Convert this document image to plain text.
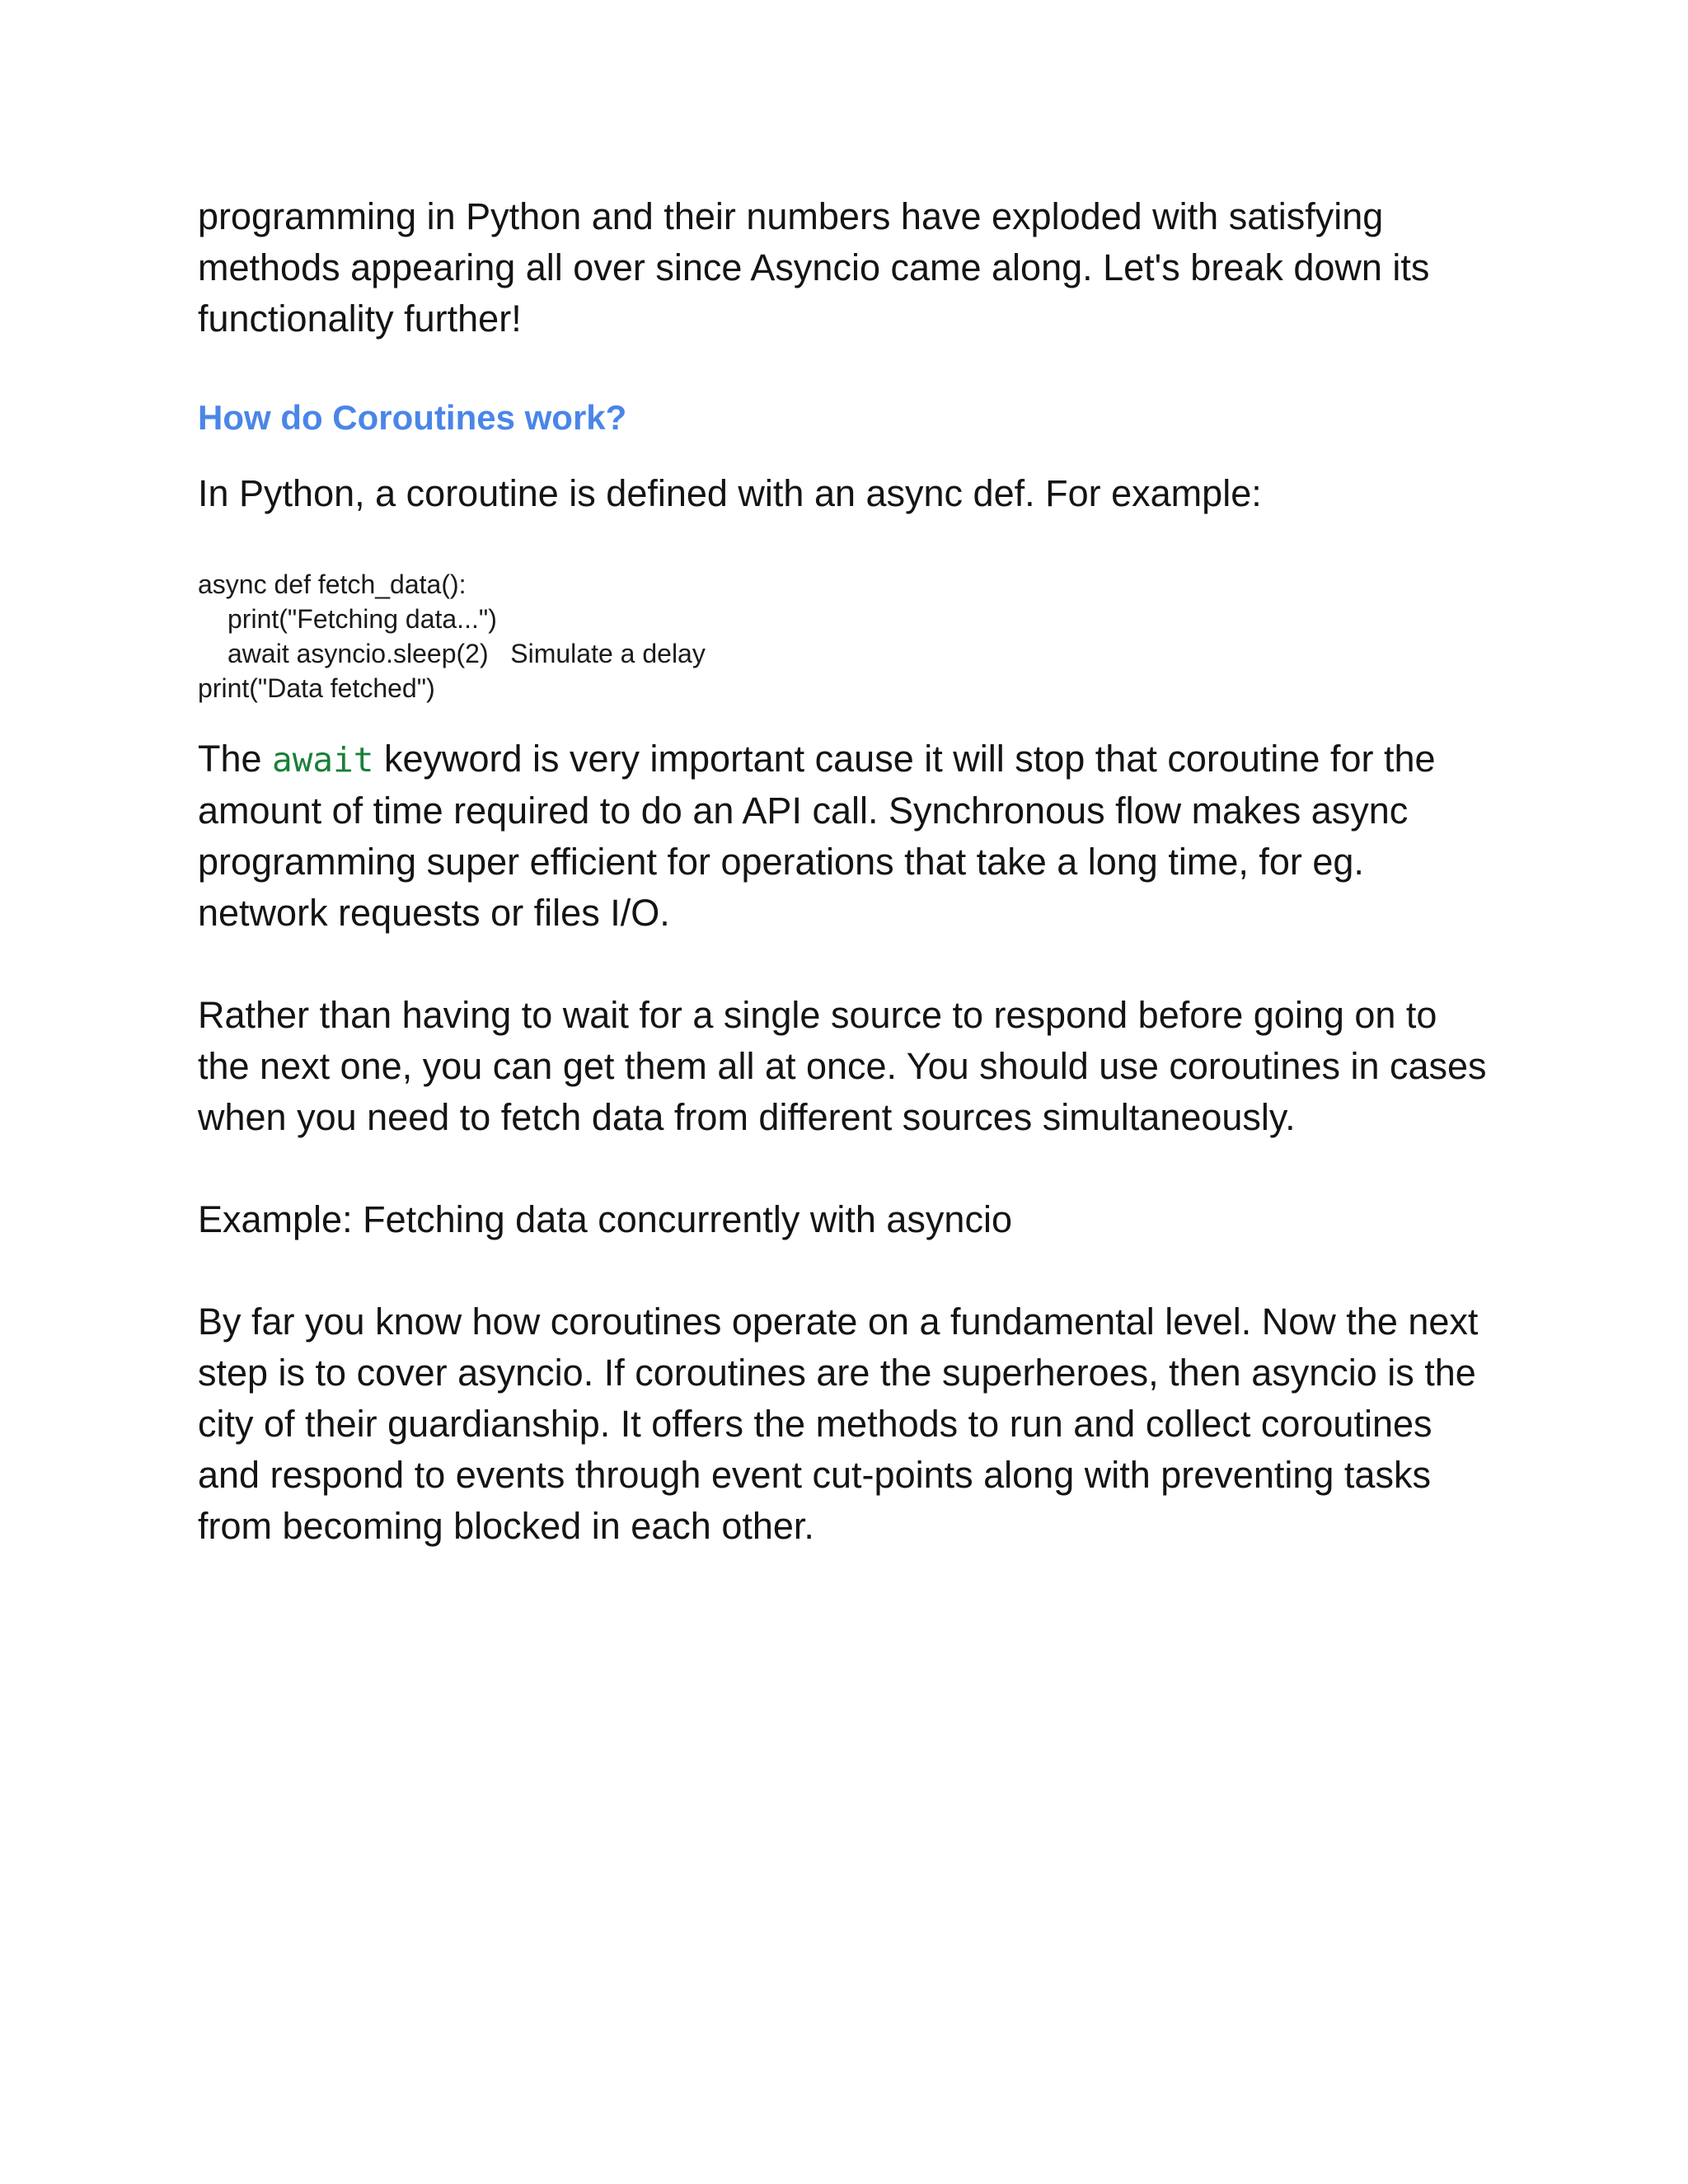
programming in Python and their numbers have exploded with satisfying
methods appearing all over since Asyncio came along. Let's break down its
functionality further!

How do Coroutines work?

In Python, a coroutine is defined with an async def. For example:

async def fetch_data():
print("Fetching data...")
await asyncio.sleep(2)   Simulate a delay
print("Data fetched")

The await keyword is very important cause it will stop that coroutine for the
amount of time required to do an API call. Synchronous flow makes async
programming super efficient for operations that take a long time, for eg.
network requests or files I/O.

Rather than having to wait for a single source to respond before going on to
the next one, you can get them all at once. You should use coroutines in cases
when you need to fetch data from different sources simultaneously.

Example: Fetching data concurrently with asyncio

By far you know how coroutines operate on a fundamental level. Now the next
step is to cover asyncio. If coroutines are the superheroes, then asyncio is the
city of their guardianship. It offers the methods to run and collect coroutines
and respond to events through event cut-points along with preventing tasks
from becoming blocked in each other.
